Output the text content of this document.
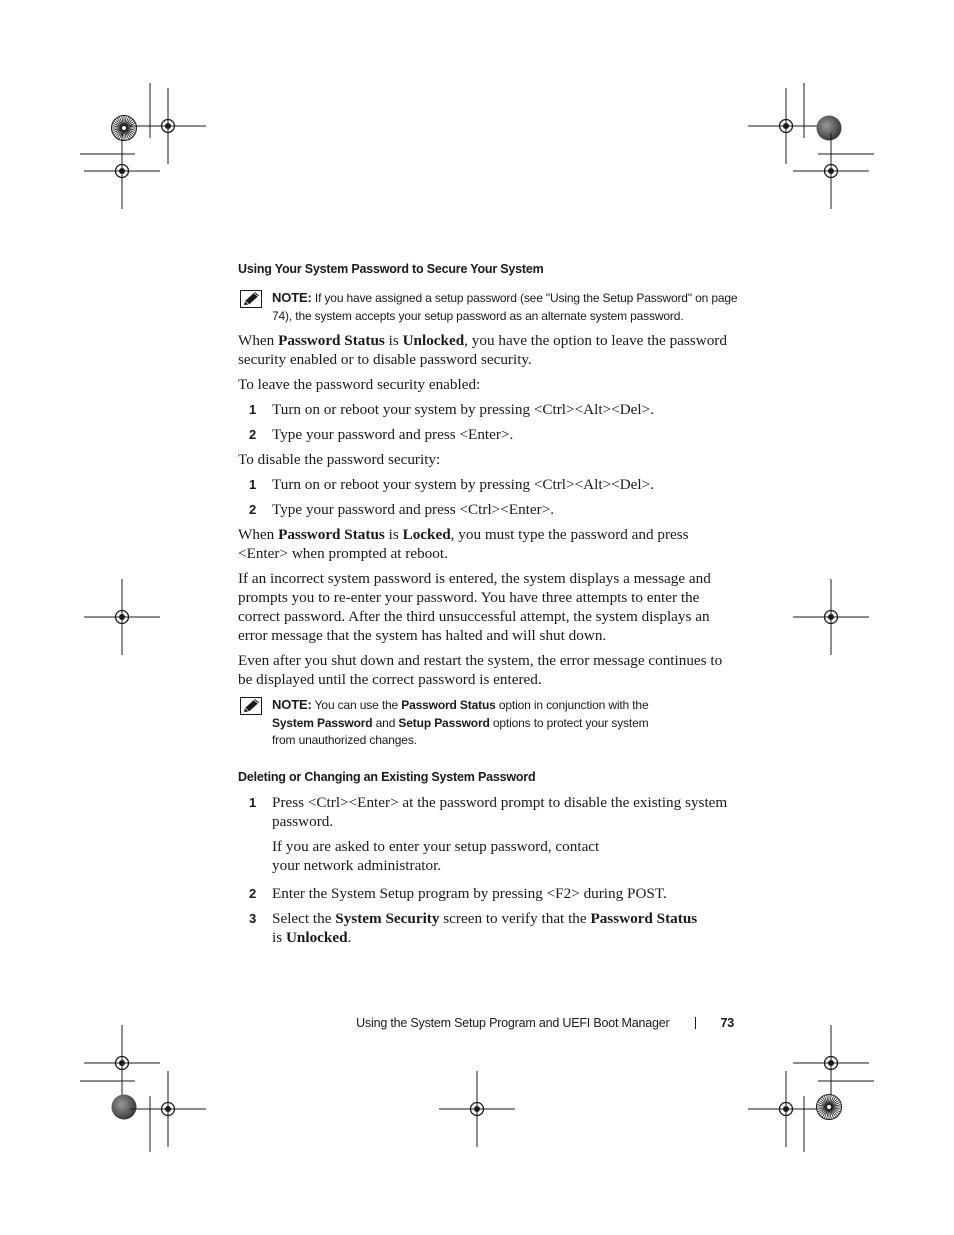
Using Your System Password to Secure Your System
NOTE: If you have assigned a setup password (see "Using the Setup Password" on page 74), the system accepts your setup password as an alternate system password.

When Password Status is Unlocked, you have the option to leave the password security enabled or to disable password security.

To leave the password security enabled:

1 Turn on or reboot your system by pressing <Ctrl><Alt><Del>.
2 Type your password and press <Enter>.

To disable the password security:

1 Turn on or reboot your system by pressing <Ctrl><Alt><Del>.
2 Type your password and press <Ctrl><Enter>.

When Password Status is Locked, you must type the password and press <Enter> when prompted at reboot.

If an incorrect system password is entered, the system displays a message and prompts you to re-enter your password. You have three attempts to enter the correct password. After the third unsuccessful attempt, the system displays an error message that the system has halted and will shut down.

Even after you shut down and restart the system, the error message continues to be displayed until the correct password is entered.

NOTE: You can use the Password Status option in conjunction with the System Password and Setup Password options to protect your system from unauthorized changes.
Deleting or Changing an Existing System Password
1 Press <Ctrl><Enter> at the password prompt to disable the existing system password.

If you are asked to enter your setup password, contact your network administrator.

2 Enter the System Setup program by pressing <F2> during POST.
3 Select the System Security screen to verify that the Password Status is Unlocked.
Using the System Setup Program and UEFI Boot Manager	73
